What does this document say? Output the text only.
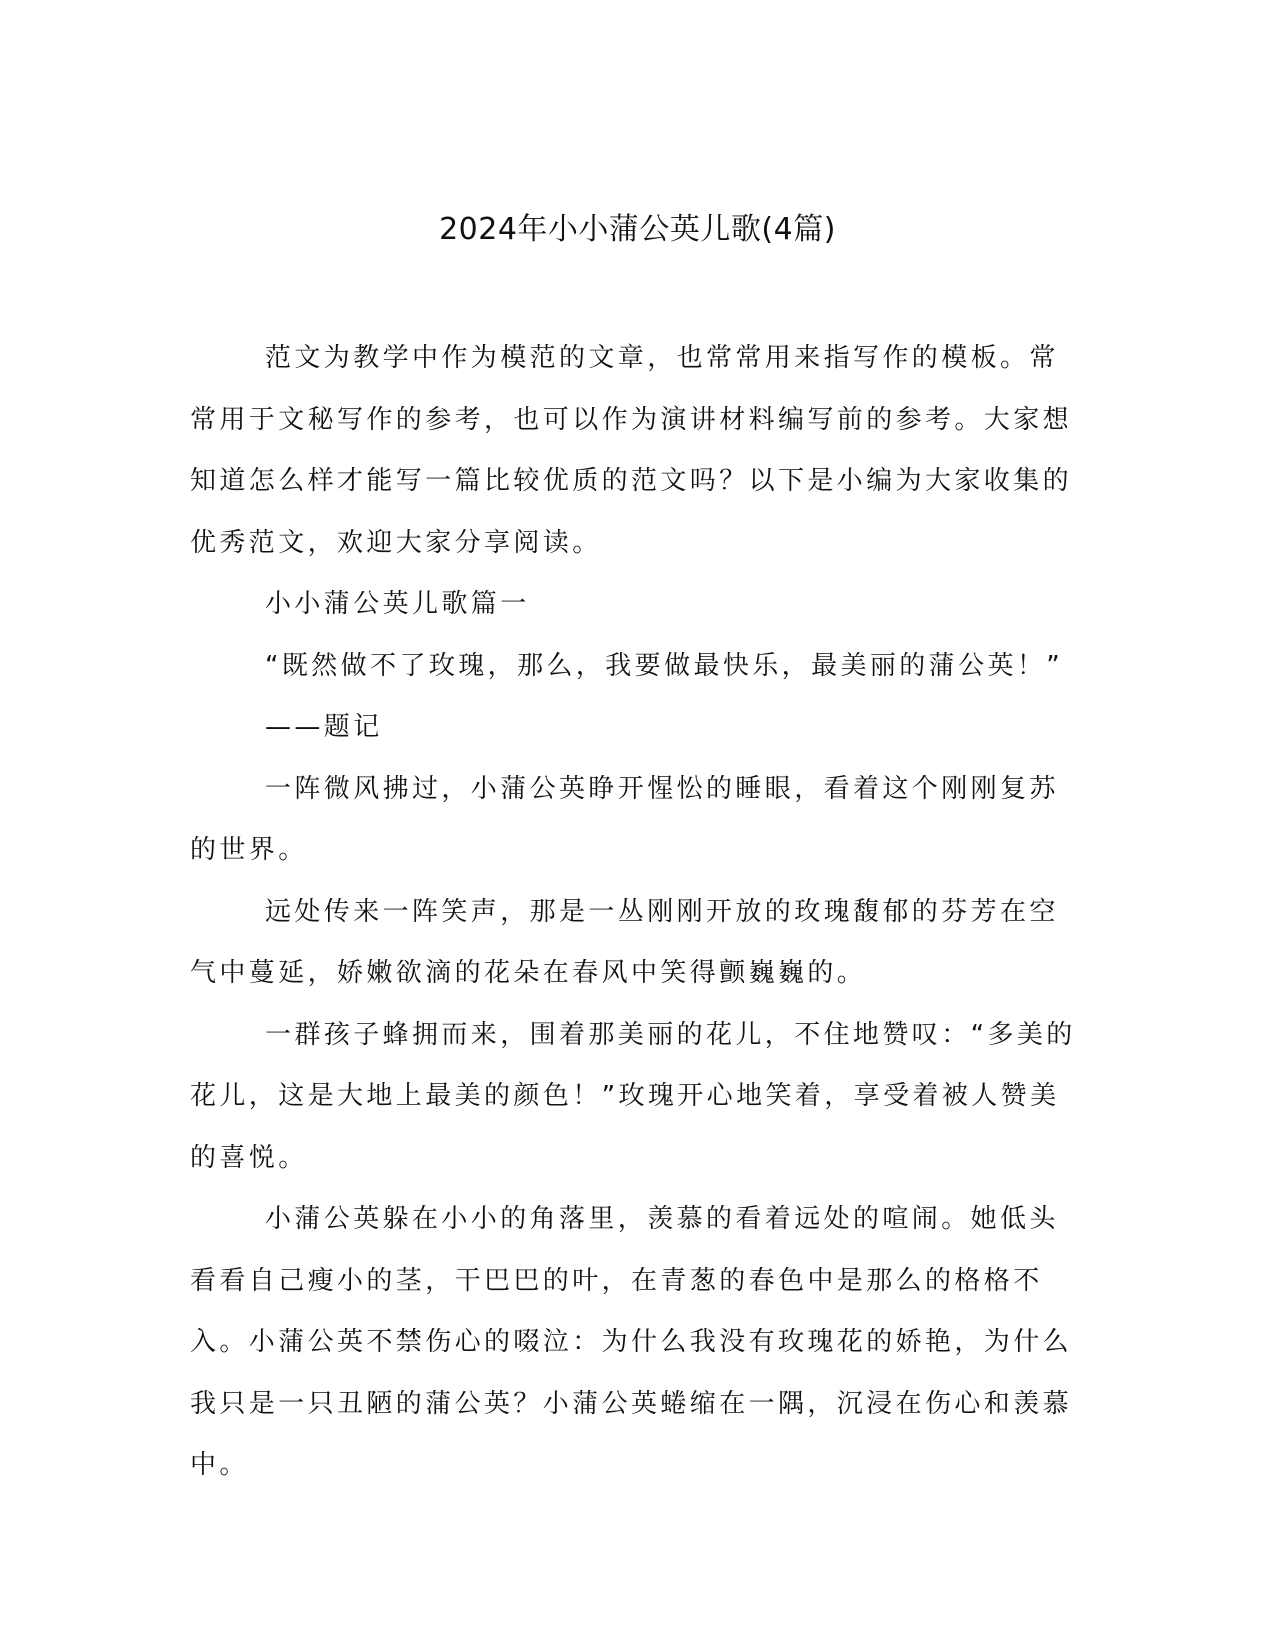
2024年小小蒲公英儿歌(4篇)

范文为教学中作为模范的文章，也常常用来指写作的模板。常常用于文秘写作的参考，也可以作为演讲材料编写前的参考。大家想知道怎么样才能写一篇比较优质的范文吗？以下是小编为大家收集的优秀范文，欢迎大家分享阅读。

小小蒲公英儿歌篇一

“既然做不了玫瑰，那么，我要做最快乐，最美丽的蒲公英！”

——题记

一阵微风拂过，小蒲公英睁开惺忪的睡眼，看着这个刚刚复苏的世界。

远处传来一阵笑声，那是一丛刚刚开放的玫瑰馥郁的芬芳在空气中蔓延，娇嫩欲滴的花朵在春风中笑得颤巍巍的。

一群孩子蜂拥而来，围着那美丽的花儿，不住地赞叹：“多美的花儿，这是大地上最美的颜色！”玫瑰开心地笑着，享受着被人赞美的喜悦。

小蒲公英躲在小小的角落里，羡慕的看着远处的喧闹。她低头看看自己瘦小的茎，干巴巴的叶，在青葱的春色中是那么的格格不入。小蒲公英不禁伤心的啜泣：为什么我没有玫瑰花的娇艳，为什么我只是一只丑陋的蒲公英？小蒲公英蜷缩在一隅，沉浸在伤心和羡慕中。
